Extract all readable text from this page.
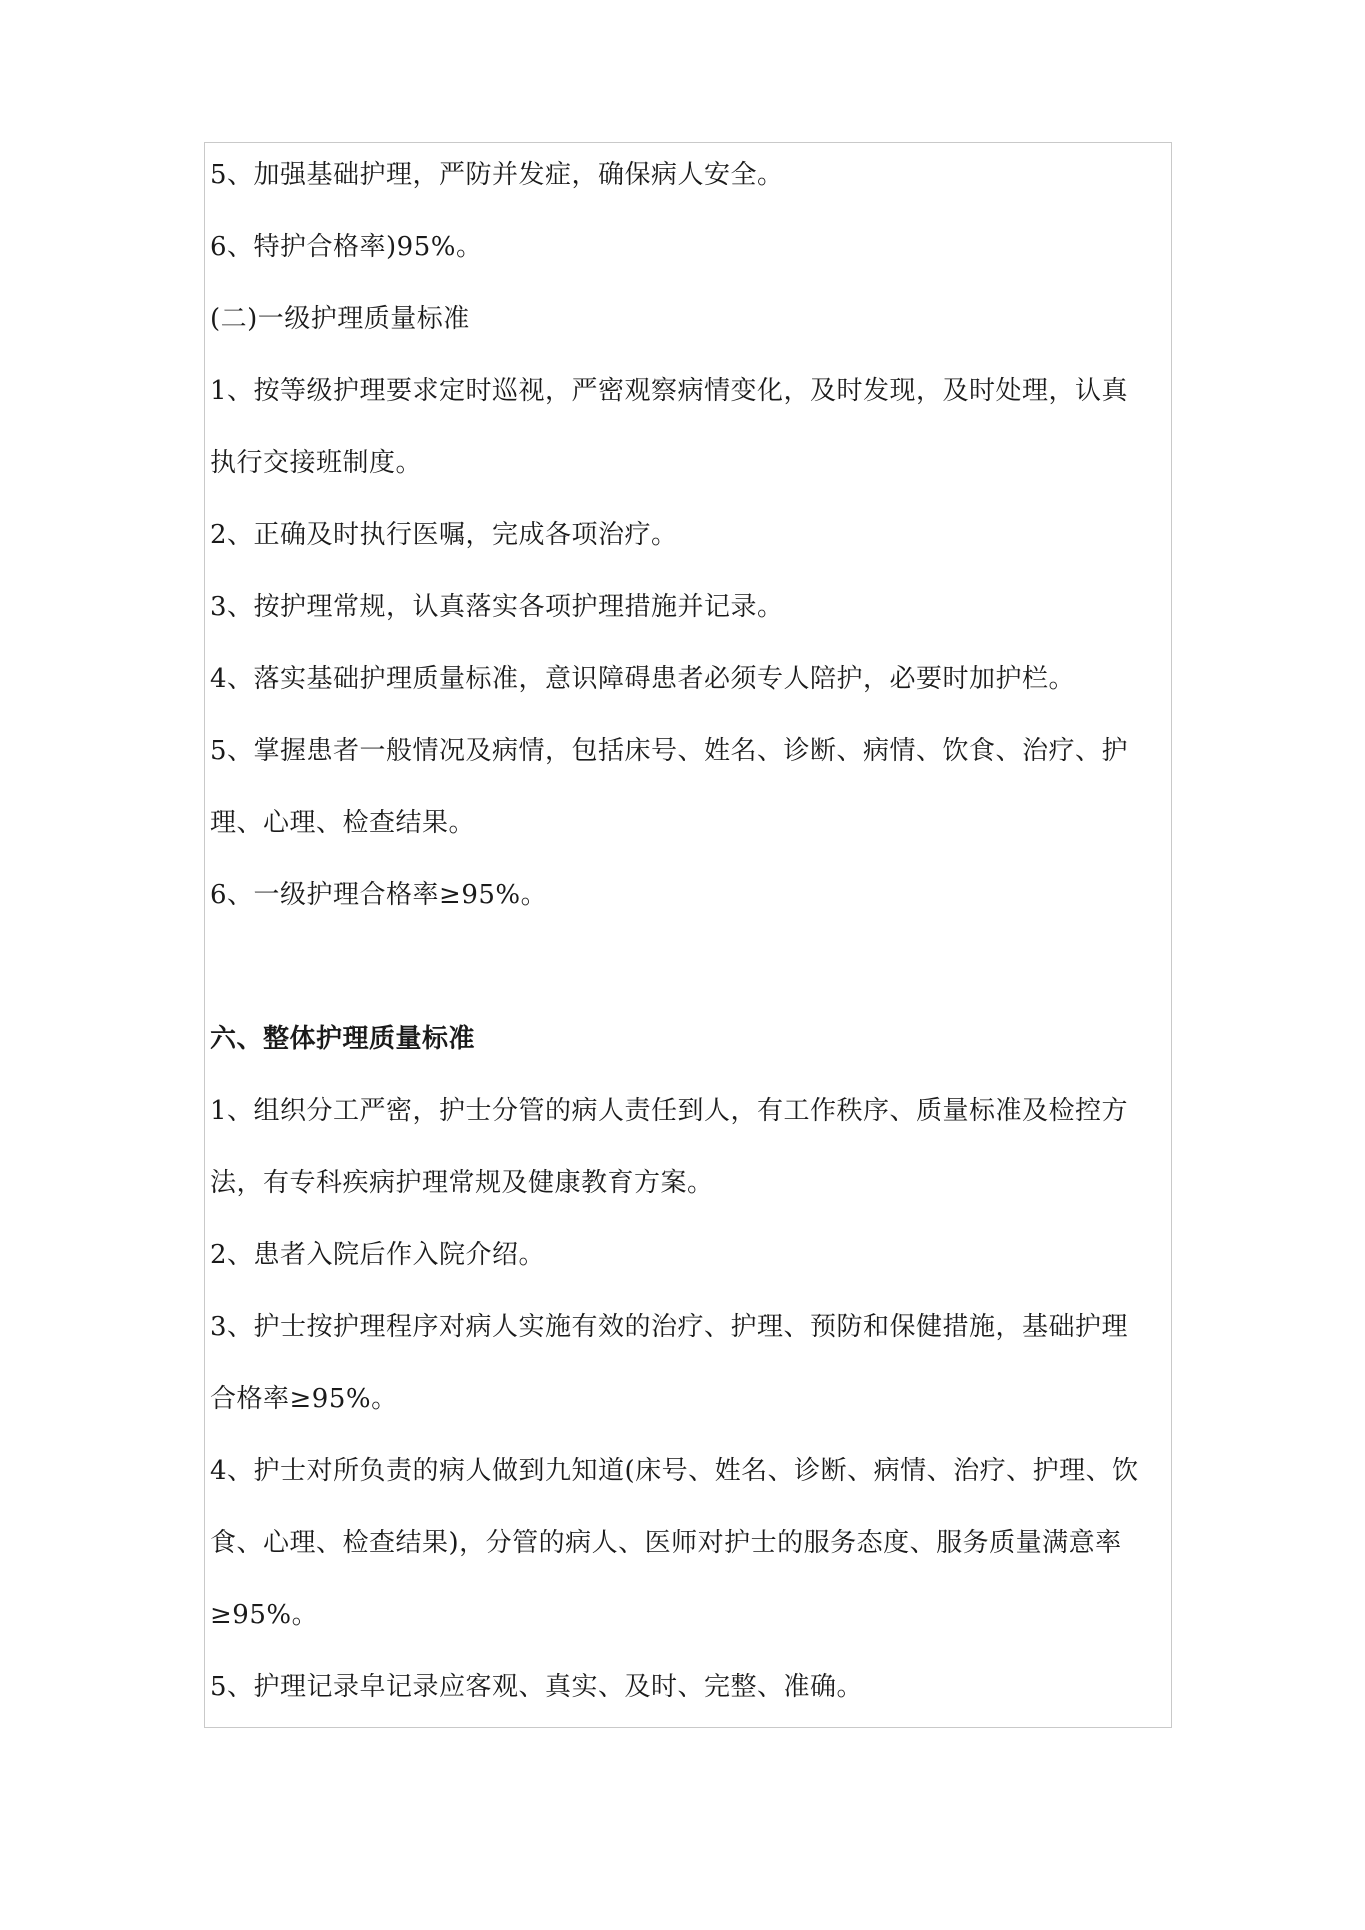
5、加强基础护理，严防并发症，确保病人安全。
6、特护合格率)95%。
(二)一级护理质量标准
1、按等级护理要求定时巡视，严密观察病情变化，及时发现，及时处理，认真
执行交接班制度。
2、正确及时执行医嘱，完成各项治疗。
3、按护理常规，认真落实各项护理措施并记录。
4、落实基础护理质量标准，意识障碍患者必须专人陪护，必要时加护栏。
5、掌握患者一般情况及病情，包括床号、姓名、诊断、病情、饮食、治疗、护
理、心理、检查结果。
6、一级护理合格率≥95%。
六、整体护理质量标准
1、组织分工严密，护士分管的病人责任到人，有工作秩序、质量标准及检控方
法，有专科疾病护理常规及健康教育方案。
2、患者入院后作入院介绍。
3、护士按护理程序对病人实施有效的治疗、护理、预防和保健措施，基础护理
合格率≥95%。
4、护士对所负责的病人做到九知道(床号、姓名、诊断、病情、治疗、护理、饮
食、心理、检查结果)，分管的病人、医师对护士的服务态度、服务质量满意率
≥95%。
5、护理记录皁记录应客观、真实、及时、完整、准确。
